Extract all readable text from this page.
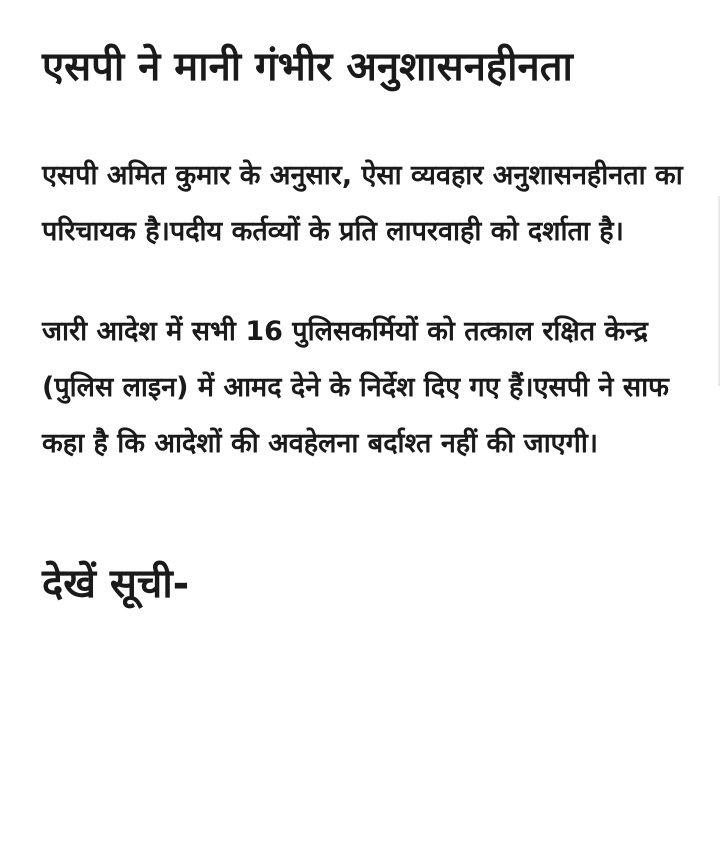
एसपी ने मानी गंभीर अनुशासनहीनता

एसपी अमित कुमार के अनुसार, ऐसा व्यवहार अनुशासनहीनता का परिचायक है।पदीय कर्तव्यों के प्रति लापरवाही को दर्शाता है।

जारी आदेश में सभी 16 पुलिसकर्मियों को तत्काल रक्षित केन्द्र (पुलिस लाइन) में आमद देने के निर्देश दिए गए हैं।एसपी ने साफ कहा है कि आदेशों की अवहेलना बर्दाश्त नहीं की जाएगी।

देखें सूची-
